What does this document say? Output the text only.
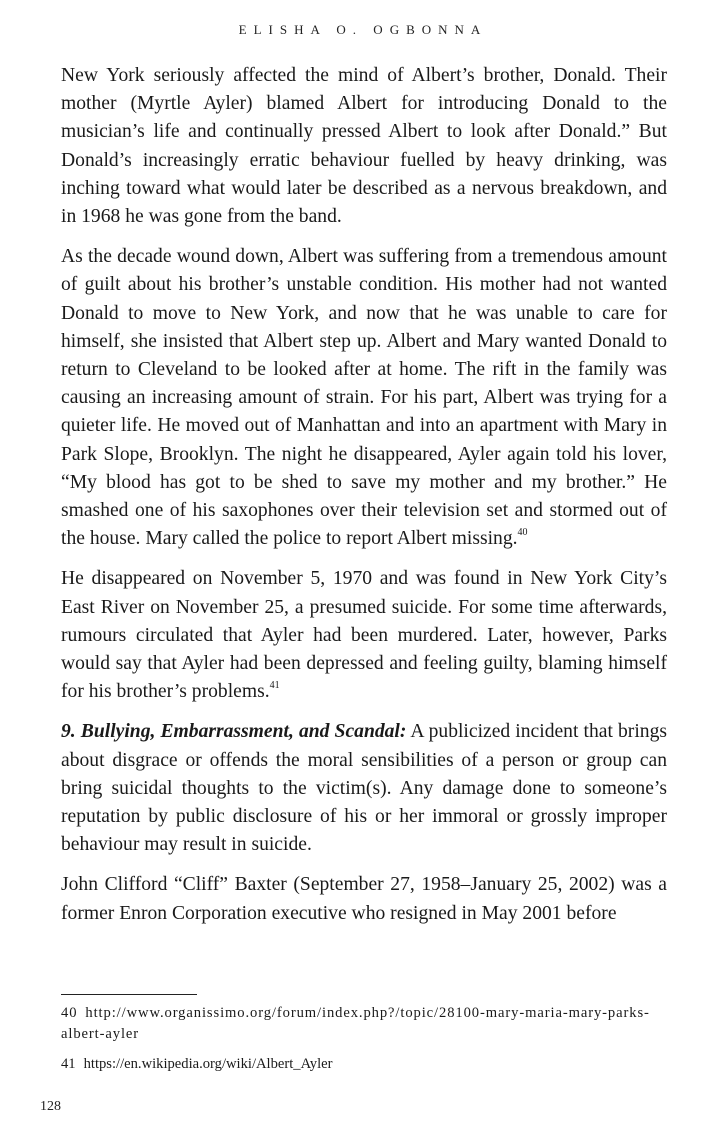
ELISHA O. OGBONNA

New York seriously affected the mind of Albert’s brother, Donald. Their mother (Myrtle Ayler) blamed Albert for introducing Donald to the musician’s life and continually pressed Albert to look after Donald.” But Donald’s increasingly erratic behaviour fuelled by heavy drinking, was inching toward what would later be described as a nervous breakdown, and in 1968 he was gone from the band.

As the decade wound down, Albert was suffering from a tremendous amount of guilt about his brother’s unstable condition. His mother had not wanted Donald to move to New York, and now that he was unable to care for himself, she insisted that Albert step up. Albert and Mary wanted Donald to return to Cleveland to be looked after at home. The rift in the family was causing an increasing amount of strain. For his part, Albert was trying for a quieter life. He moved out of Manhattan and into an apartment with Mary in Park Slope, Brooklyn. The night he disappeared, Ayler again told his lover, “My blood has got to be shed to save my mother and my brother.” He smashed one of his saxophones over their television set and stormed out of the house. Mary called the police to report Albert missing.$^{40}$

He disappeared on November 5, 1970 and was found in New York City’s East River on November 25, a presumed suicide. For some time afterwards, rumours circulated that Ayler had been murdered. Later, however, Parks would say that Ayler had been depressed and feeling guilty, blaming himself for his brother’s problems.$^{41}$

9. Bullying, Embarrassment, and Scandal: A publicized incident that brings about disgrace or offends the moral sensibilities of a person or group can bring suicidal thoughts to the victim(s). Any damage done to someone’s reputation by public disclosure of his or her immoral or grossly improper behaviour may result in suicide.

John Clifford “Cliff” Baxter (September 27, 1958–January 25, 2002) was a former Enron Corporation executive who resigned in May 2001 before

40 http://www.organissimo.org/forum/index.php?/topic/28100-mary-maria-mary-parks-albert-ayler

41 https://en.wikipedia.org/wiki/Albert_Ayler

128
